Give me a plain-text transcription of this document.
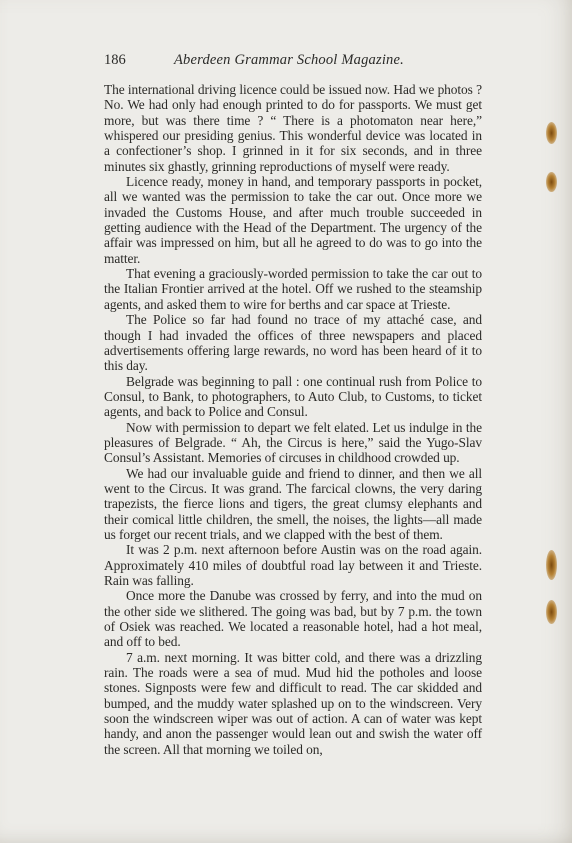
186	Aberdeen Grammar School Magazine.

The international driving licence could be issued now. Had we photos ? No. We had only had enough printed to do for passports. We must get more, but was there time ? “ There is a photomaton near here,” whispered our presiding genius. This wonderful device was located in a confectioner’s shop. I grinned in it for six seconds, and in three minutes six ghastly, grinning reproductions of myself were ready.

Licence ready, money in hand, and temporary passports in pocket, all we wanted was the permission to take the car out. Once more we invaded the Customs House, and after much trouble succeeded in getting audience with the Head of the Department. The urgency of the affair was impressed on him, but all he agreed to do was to go into the matter.

That evening a graciously-worded permission to take the car out to the Italian Frontier arrived at the hotel. Off we rushed to the steamship agents, and asked them to wire for berths and car space at Trieste.

The Police so far had found no trace of my attaché case, and though I had invaded the offices of three newspapers and placed advertisements offering large rewards, no word has been heard of it to this day.

Belgrade was beginning to pall : one continual rush from Police to Consul, to Bank, to photographers, to Auto Club, to Customs, to ticket agents, and back to Police and Consul.

Now with permission to depart we felt elated. Let us indulge in the pleasures of Belgrade. “ Ah, the Circus is here,” said the Yugo-Slav Consul’s Assistant. Memories of circuses in childhood crowded up.

We had our invaluable guide and friend to dinner, and then we all went to the Circus. It was grand. The farcical clowns, the very daring trapezists, the fierce lions and tigers, the great clumsy elephants and their comical little children, the smell, the noises, the lights—all made us forget our recent trials, and we clapped with the best of them.

It was 2 p.m. next afternoon before Austin was on the road again. Approximately 410 miles of doubtful road lay between it and Trieste. Rain was falling.

Once more the Danube was crossed by ferry, and into the mud on the other side we slithered. The going was bad, but by 7 p.m. the town of Osiek was reached. We located a reasonable hotel, had a hot meal, and off to bed.

7 a.m. next morning. It was bitter cold, and there was a drizzling rain. The roads were a sea of mud. Mud hid the potholes and loose stones. Signposts were few and difficult to read. The car skidded and bumped, and the muddy water splashed up on to the windscreen. Very soon the windscreen wiper was out of action. A can of water was kept handy, and anon the passenger would lean out and swish the water off the screen. All that morning we toiled on,
